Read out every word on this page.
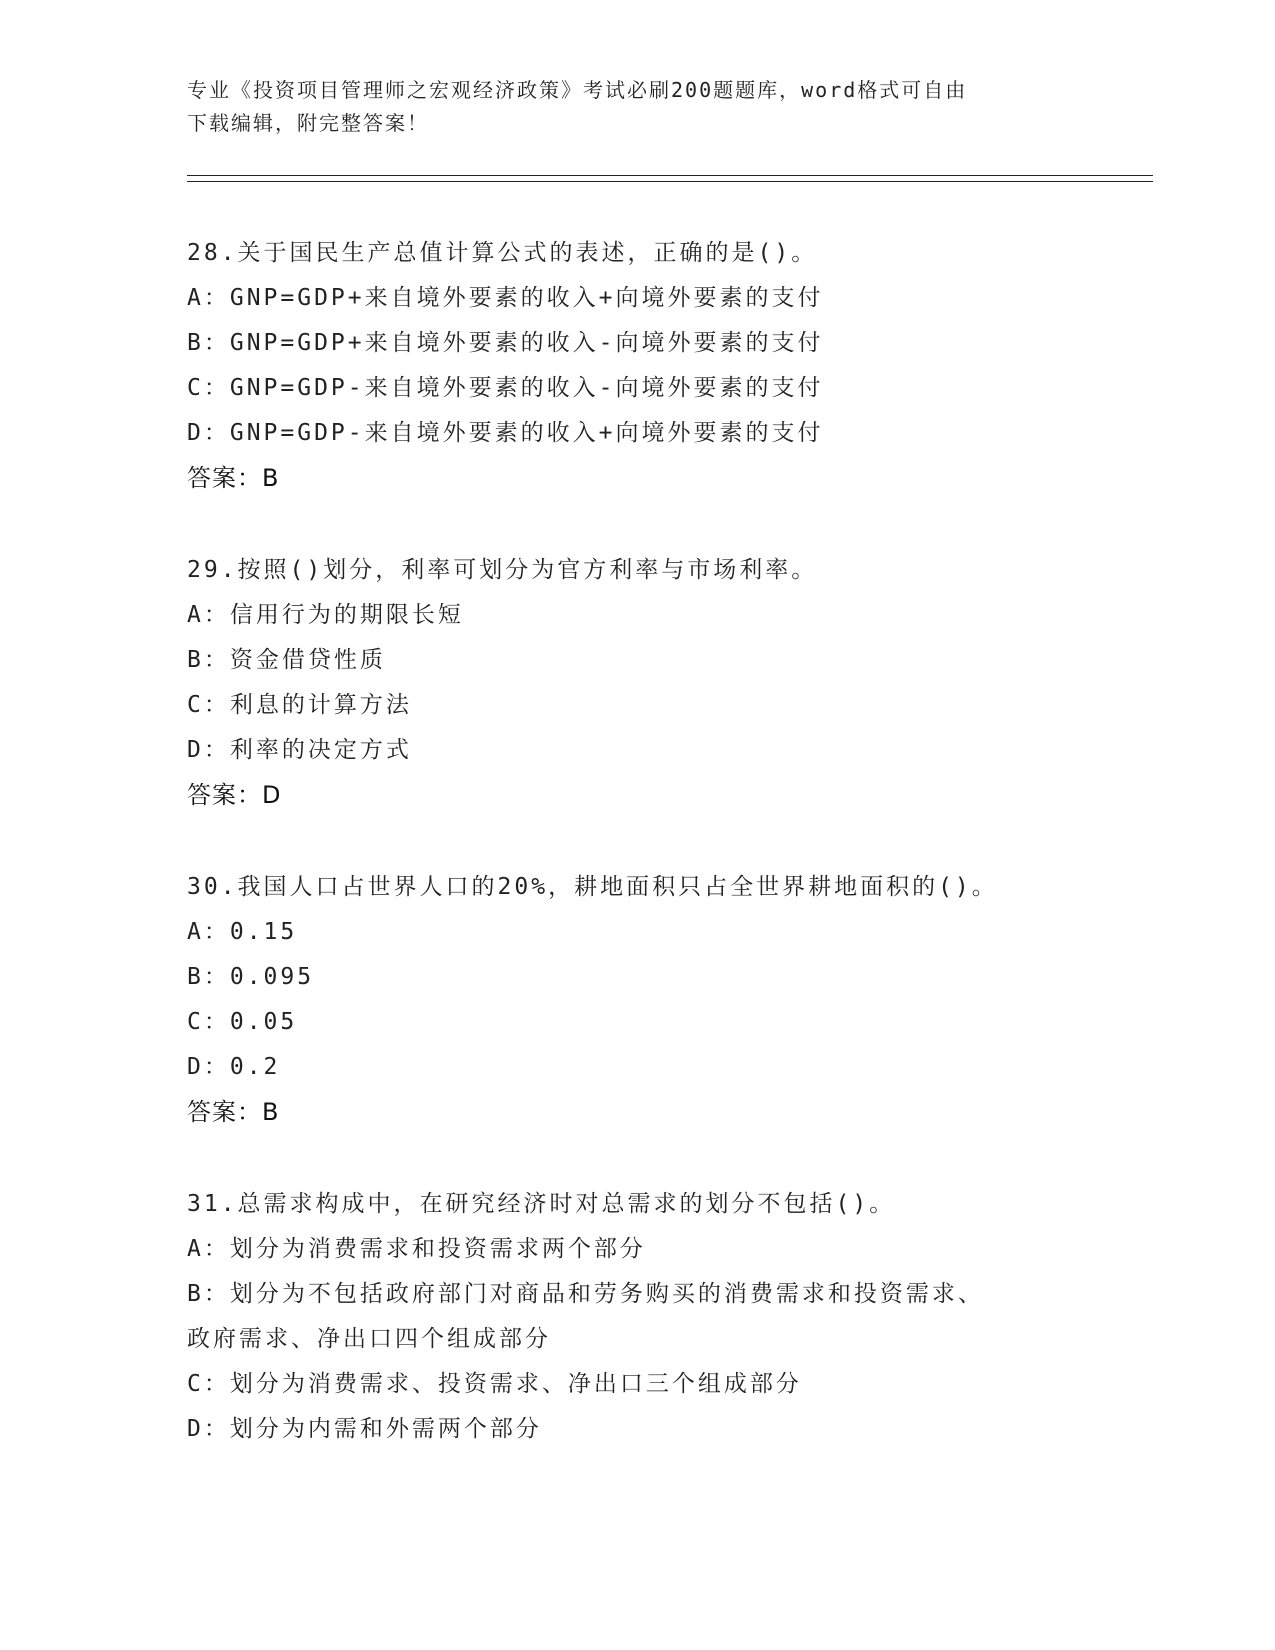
专业《投资项目管理师之宏观经济政策》考试必刷200题题库，word格式可自由
下载编辑，附完整答案！
28.关于国民生产总值计算公式的表述，正确的是()。
A：GNP=GDP+来自境外要素的收入+向境外要素的支付
B：GNP=GDP+来自境外要素的收入-向境外要素的支付
C：GNP=GDP-来自境外要素的收入-向境外要素的支付
D：GNP=GDP-来自境外要素的收入+向境外要素的支付
答案：B
29.按照()划分，利率可划分为官方利率与市场利率。
A：信用行为的期限长短
B：资金借贷性质
C：利息的计算方法
D：利率的决定方式
答案：D
30.我国人口占世界人口的20%，耕地面积只占全世界耕地面积的()。
A：0.15
B：0.095
C：0.05
D：0.2
答案：B
31.总需求构成中，在研究经济时对总需求的划分不包括()。
A：划分为消费需求和投资需求两个部分
B：划分为不包括政府部门对商品和劳务购买的消费需求和投资需求、
政府需求、净出口四个组成部分
C：划分为消费需求、投资需求、净出口三个组成部分
D：划分为内需和外需两个部分
